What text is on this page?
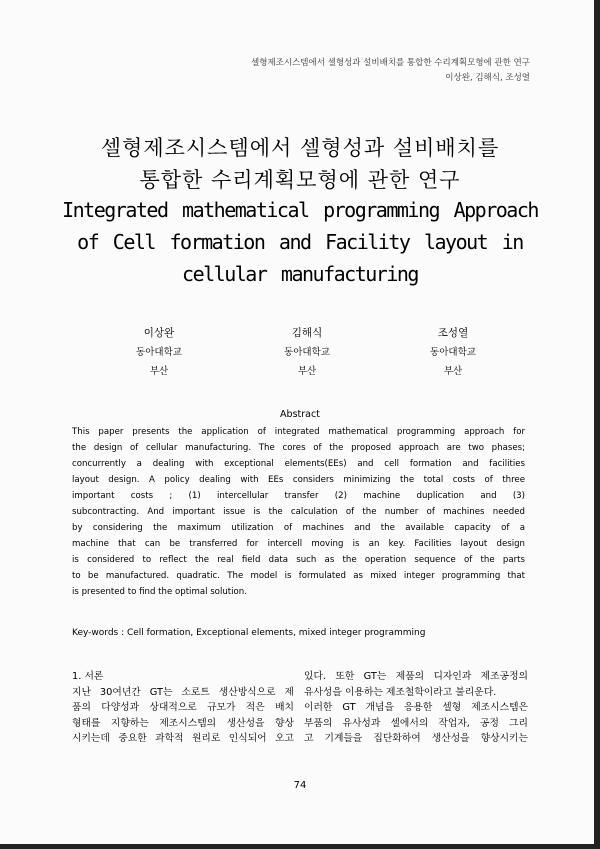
셀형제조시스템에서 셀형성과 설비배치를 통합한 수리계획모형에 관한 연구
이상완, 김해식, 조성열
셀형제조시스템에서 셀형성과 설비배치를
통합한 수리계획모형에 관한 연구
Integrated mathematical programming Approach
of Cell formation and Facility layout in
cellular manufacturing
이상완
동아대학교
부산
김해식
동아대학교
부산
조성열
동아대학교
부산
Abstract
This paper presents the application of integrated mathematical programming approach for
the design of cellular manufacturing. The cores of the proposed approach are two phases;
concurrently a dealing with exceptional elements(EEs) and cell formation and facilities
layout design. A policy dealing with EEs considers minimizing the total costs of three
important costs ; (1) intercellular transfer (2) machine duplication and (3)
subcontracting. And important issue is the calculation of the number of machines needed
by considering the maximum utilization of machines and the available capacity of a
machine that can be transferred for intercell moving is an key. Facilities layout design
is considered to reflect the real field data such as the operation sequence of the parts
to be manufactured. quadratic. The model is formulated as mixed integer programming that
is presented to find the optimal solution.
Key-words : Cell formation, Exceptional elements, mixed integer programming
1. 서론
지난 30여년간 GT는 소로트 생산방식으로 제
품의 다양성과 상대적으로 규모가 적은 배치
형태를 지향하는 제조시스템의 생산성을 향상
시키는데 중요한 과학적 원리로 인식되어 오고
있다. 또한 GT는 제품의 디자인과 제조공정의
유사성을 이용하는 제조철학이라고 불리운다.
이러한 GT 개념을 응용한 셀형 제조시스템은
부품의 유사성과 셀에서의 작업자, 공정 그리
고 기계들을 집단화하여 생산성을 향상시키는
74
